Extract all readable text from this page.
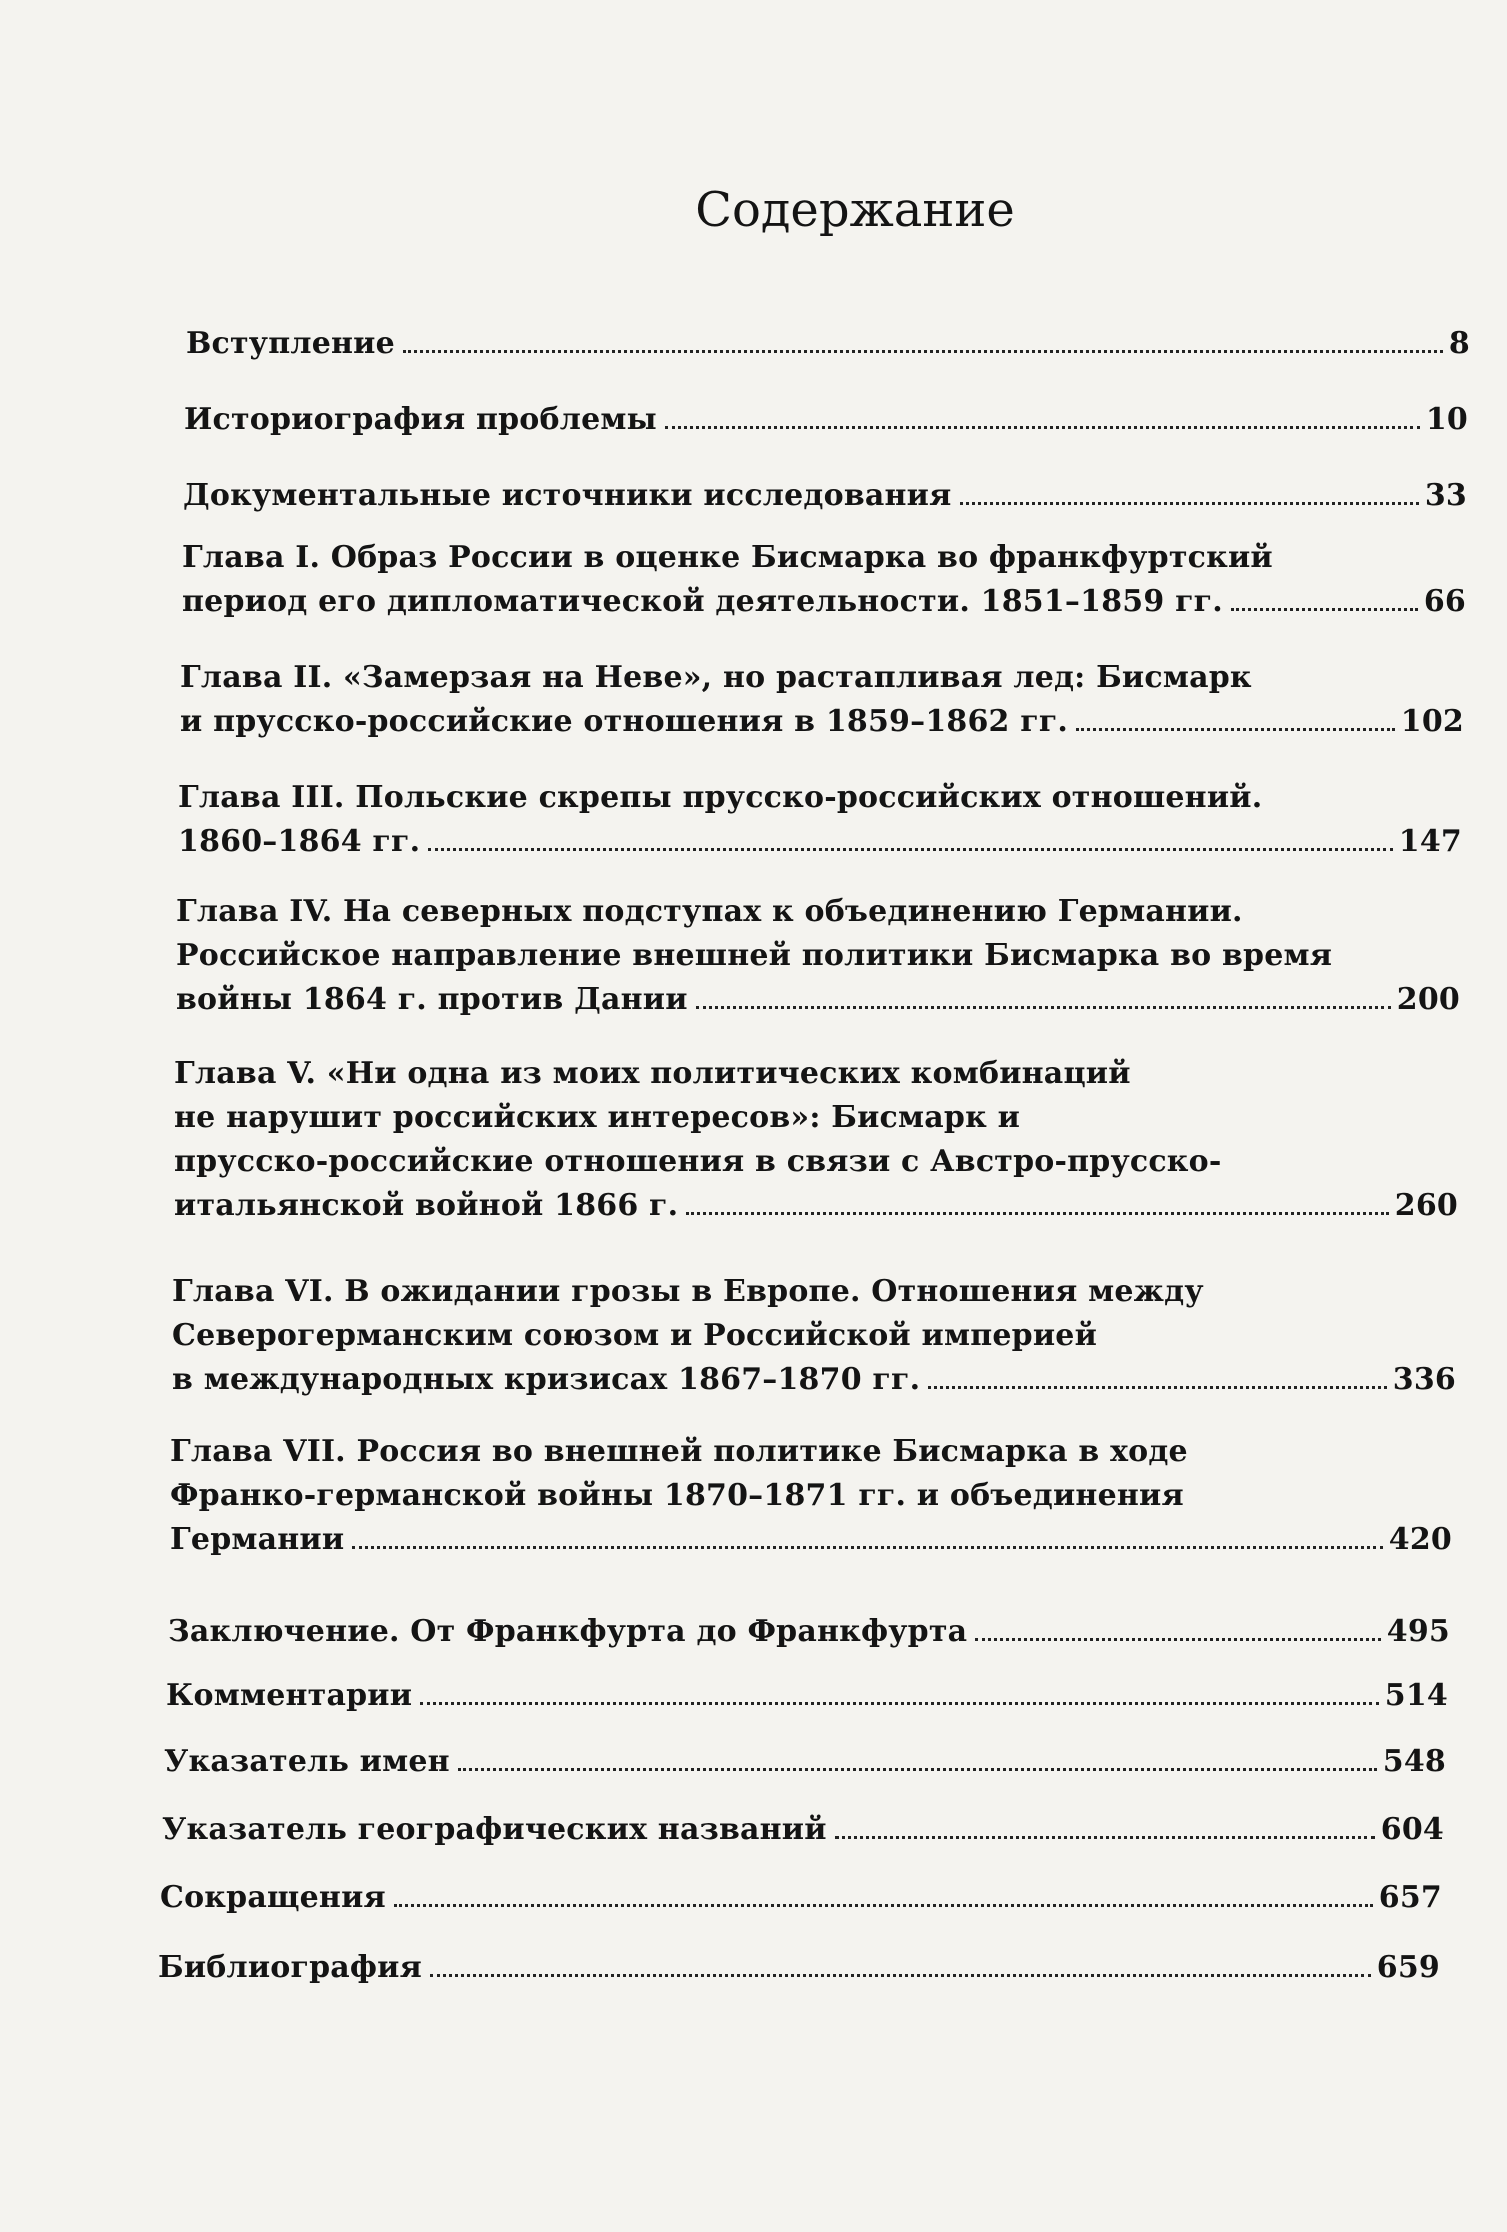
Содержание
Вступление	8
Историография проблемы	10
Документальные источники исследования	33
Глава I. Образ России в оценке Бисмарка во франкфуртский
период его дипломатической деятельности. 1851–1859 гг.	66
Глава II. «Замерзая на Неве», но растапливая лед: Бисмарк
и прусско-российские отношения в 1859–1862 гг.	102
Глава III. Польские скрепы прусско-российских отношений.
1860–1864 гг.	147
Глава IV. На северных подступах к объединению Германии.
Российское направление внешней политики Бисмарка во время
войны 1864 г. против Дании	200
Глава V. «Ни одна из моих политических комбинаций
не нарушит российских интересов»: Бисмарк и
прусско-российские отношения в связи с Австро-прусско-
итальянской войной 1866 г.	260
Глава VI. В ожидании грозы в Европе. Отношения между
Северогерманским союзом и Российской империей
в международных кризисах 1867–1870 гг.	336
Глава VII. Россия во внешней политике Бисмарка в ходе
Франко-германской войны 1870–1871 гг. и объединения
Германии	420
Заключение. От Франкфурта до Франкфурта	495
Комментарии	514
Указатель имен	548
Указатель географических названий	604
Сокращения	657
Библиография	659
